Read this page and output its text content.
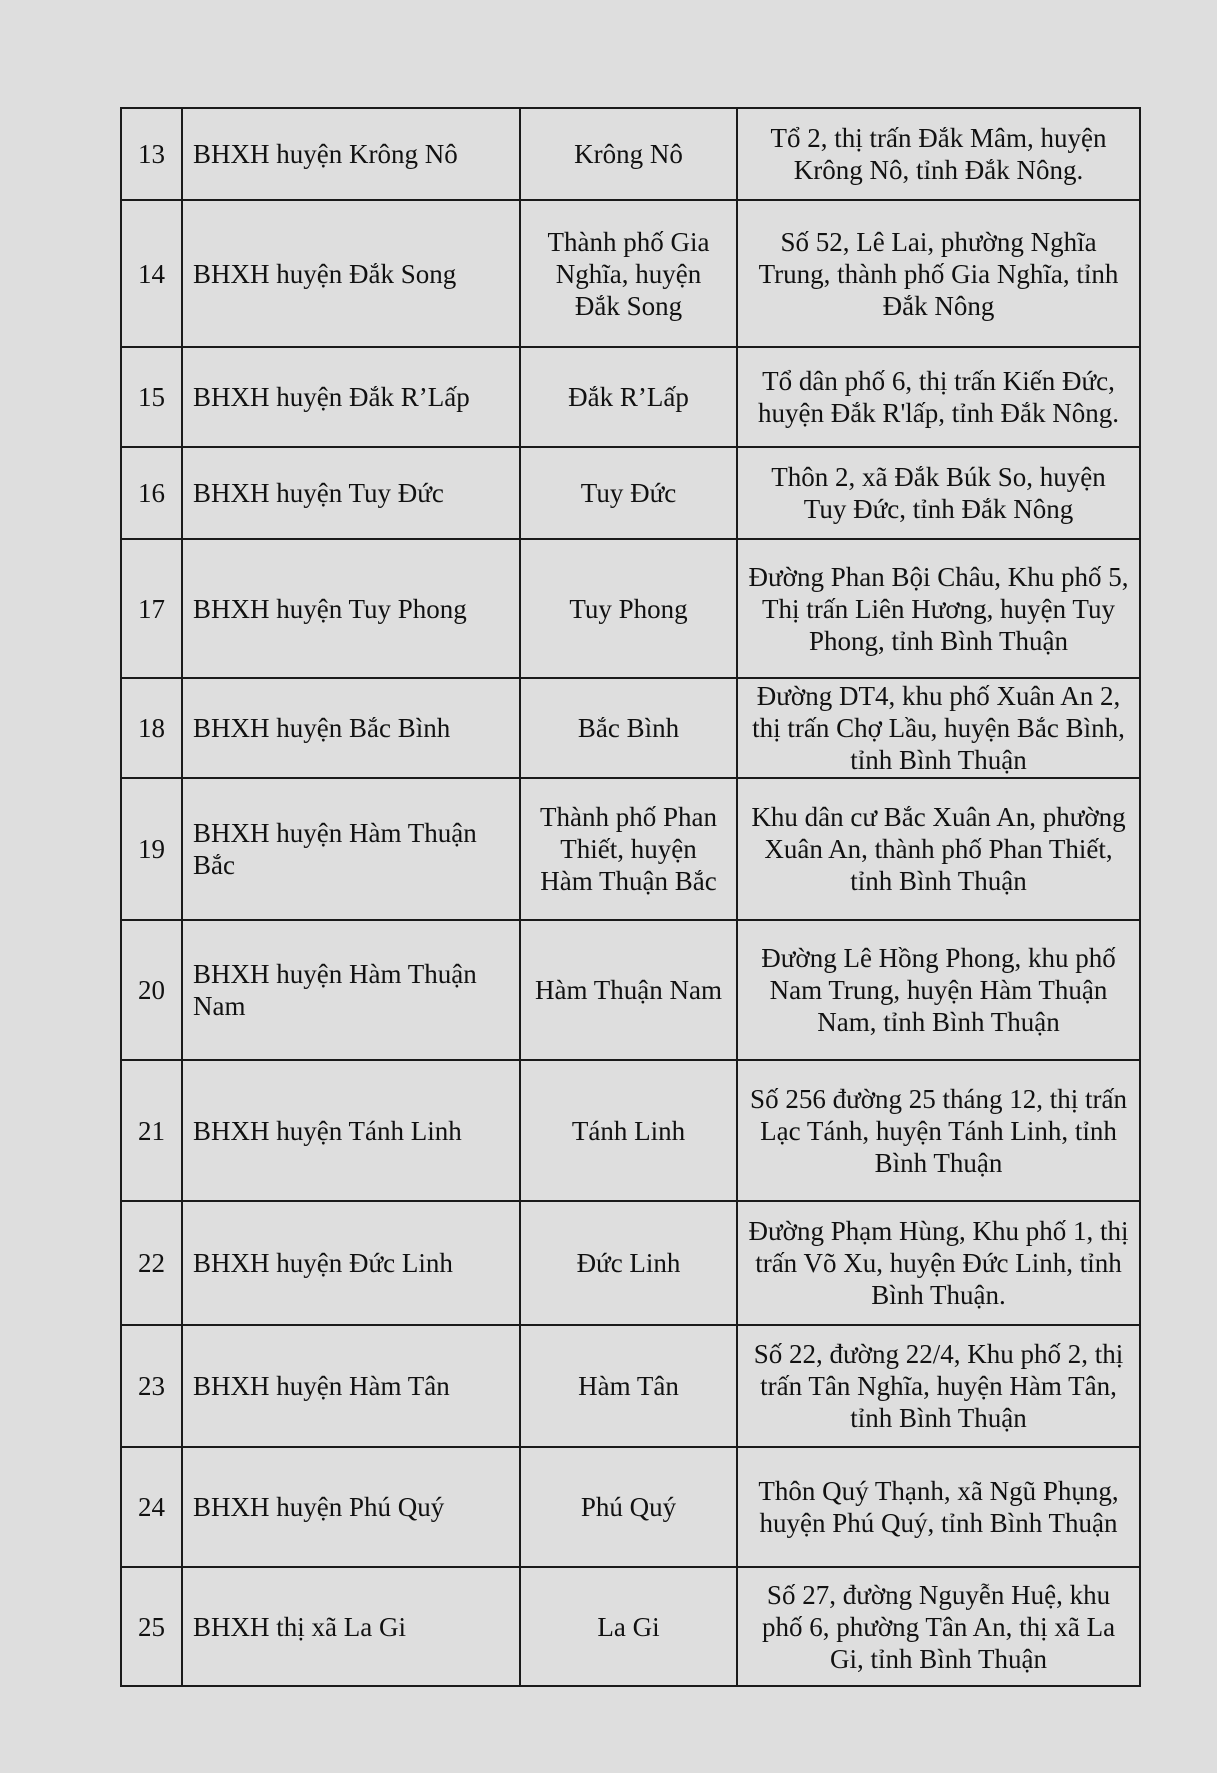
13	BHXH huyện Krông Nô	Krông Nô	Tổ 2, thị trấn Đắk Mâm, huyện Krông Nô, tỉnh Đắk Nông.
14	BHXH huyện Đắk Song	Thành phố Gia Nghĩa, huyện Đắk Song	Số 52, Lê Lai, phường Nghĩa Trung, thành phố Gia Nghĩa, tỉnh Đắk Nông
15	BHXH huyện Đắk R’Lấp	Đắk R’Lấp	Tổ dân phố 6, thị trấn Kiến Đức, huyện Đắk R'lấp, tỉnh Đắk Nông.
16	BHXH huyện Tuy Đức	Tuy Đức	Thôn 2, xã Đắk Búk So, huyện Tuy Đức, tỉnh Đắk Nông
17	BHXH huyện Tuy Phong	Tuy Phong	Đường Phan Bội Châu, Khu phố 5, Thị trấn Liên Hương, huyện Tuy Phong, tỉnh Bình Thuận
18	BHXH huyện Bắc Bình	Bắc Bình	Đường DT4, khu phố Xuân An 2, thị trấn Chợ Lầu, huyện Bắc Bình, tỉnh Bình Thuận
19	BHXH huyện Hàm Thuận Bắc	Thành phố Phan Thiết, huyện Hàm Thuận Bắc	Khu dân cư Bắc Xuân An, phường Xuân An, thành phố Phan Thiết, tỉnh Bình Thuận
20	BHXH huyện Hàm Thuận Nam	Hàm Thuận Nam	Đường Lê Hồng Phong, khu phố Nam Trung, huyện Hàm Thuận Nam, tỉnh Bình Thuận
21	BHXH huyện Tánh Linh	Tánh Linh	Số 256 đường 25 tháng 12, thị trấn Lạc Tánh, huyện Tánh Linh, tỉnh Bình Thuận
22	BHXH huyện Đức Linh	Đức Linh	Đường Phạm Hùng, Khu phố 1, thị trấn Võ Xu, huyện Đức Linh, tỉnh Bình Thuận.
23	BHXH huyện Hàm Tân	Hàm Tân	Số 22, đường 22/4, Khu phố 2, thị trấn Tân Nghĩa, huyện Hàm Tân, tỉnh Bình Thuận
24	BHXH huyện Phú Quý	Phú Quý	Thôn Quý Thạnh, xã Ngũ Phụng, huyện Phú Quý, tỉnh Bình Thuận
25	BHXH thị xã La Gi	La Gi	Số 27, đường Nguyễn Huệ, khu phố 6, phường Tân An, thị xã La Gi, tỉnh Bình Thuận
